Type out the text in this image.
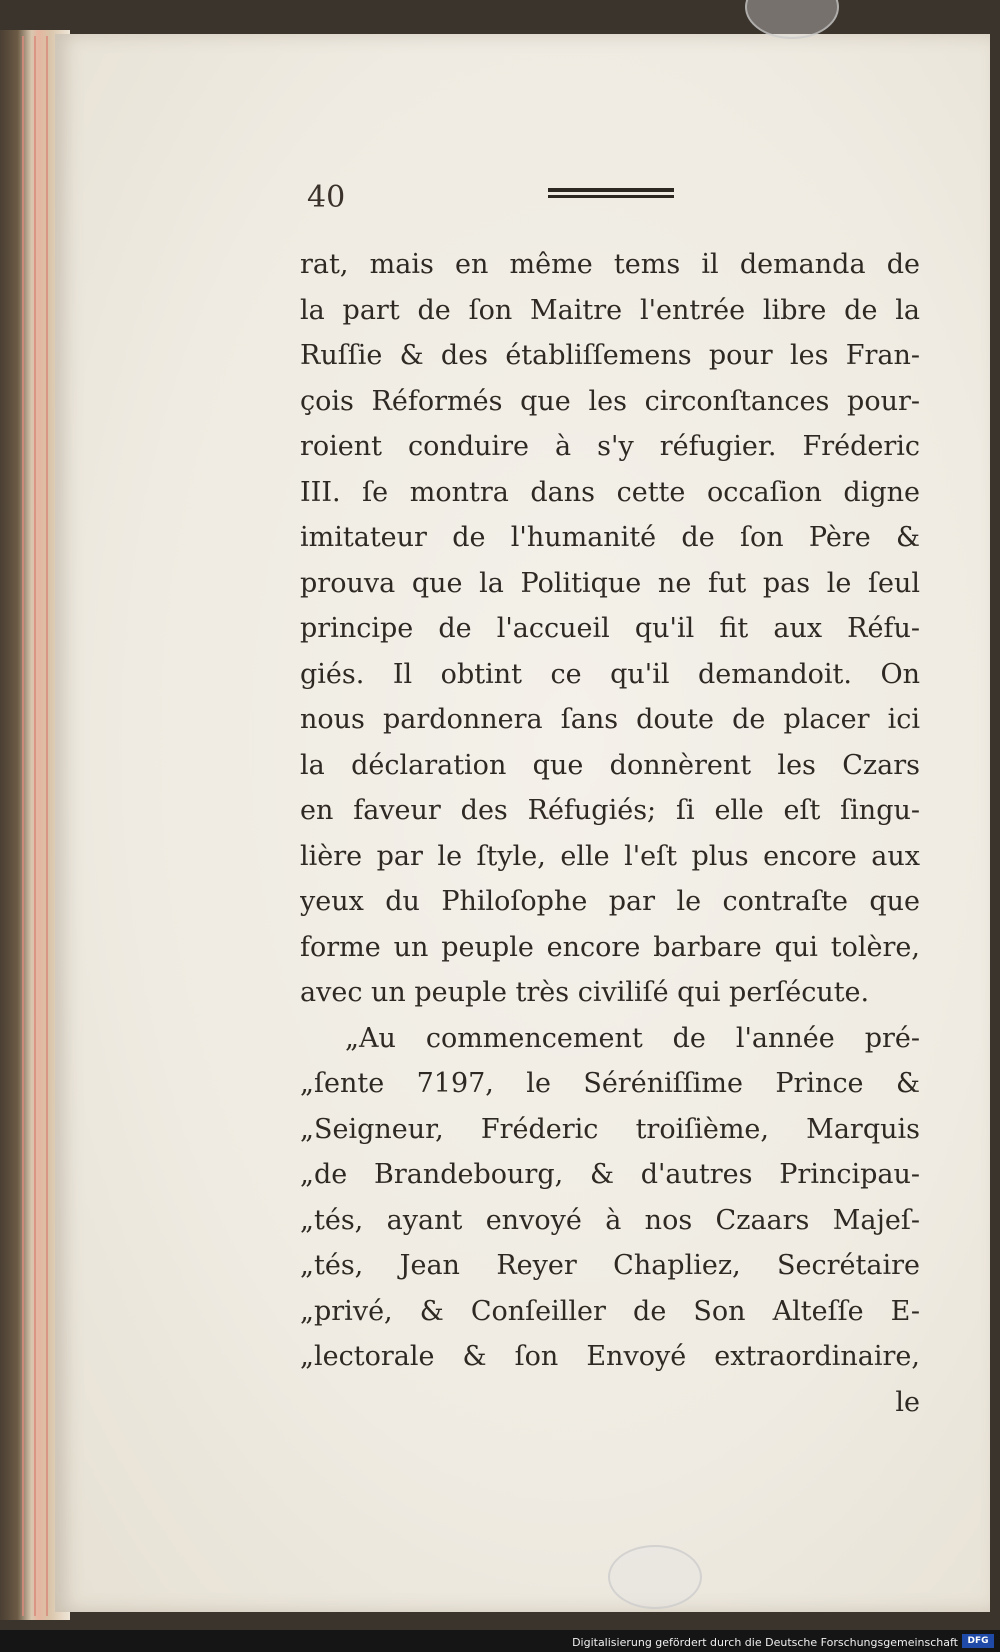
40

rat, mais en même tems il demanda de
la part de ſon Maitre l'entrée libre de la
Ruſſie & des établiſſemens pour les Fran-
çois Réformés que les circonſtances pour-
roient conduire à s'y réfugier. Fréderic
III. ſe montra dans cette occaſion digne
imitateur de l'humanité de ſon Père &
prouva que la Politique ne fut pas le ſeul
principe de l'accueil qu'il fit aux Réfu-
giés. Il obtint ce qu'il demandoit. On
nous pardonnera ſans doute de placer ici
la déclaration que donnèrent les Czars
en faveur des Réfugiés; ſi elle eſt ſingu-
lière par le ſtyle, elle l'eſt plus encore aux
yeux du Philoſophe par le contraſte que
forme un peuple encore barbare qui tolère,
avec un peuple très civiliſé qui perſécute.
„Au commencement de l'année pré-
„ſente 7197, le Séréniſſime Prince &
„Seigneur, Fréderic troiſième, Marquis
„de Brandebourg, & d'autres Principau-
„tés, ayant envoyé à nos Czaars Majeſ-
„tés, Jean Reyer Chapliez, Secrétaire
„privé, & Conſeiller de Son Alteſſe E-
„lectorale & ſon Envoyé extraordinaire,
le

Digitalisierung gefördert durch die Deutsche Forschungsgemeinschaft	DFG
